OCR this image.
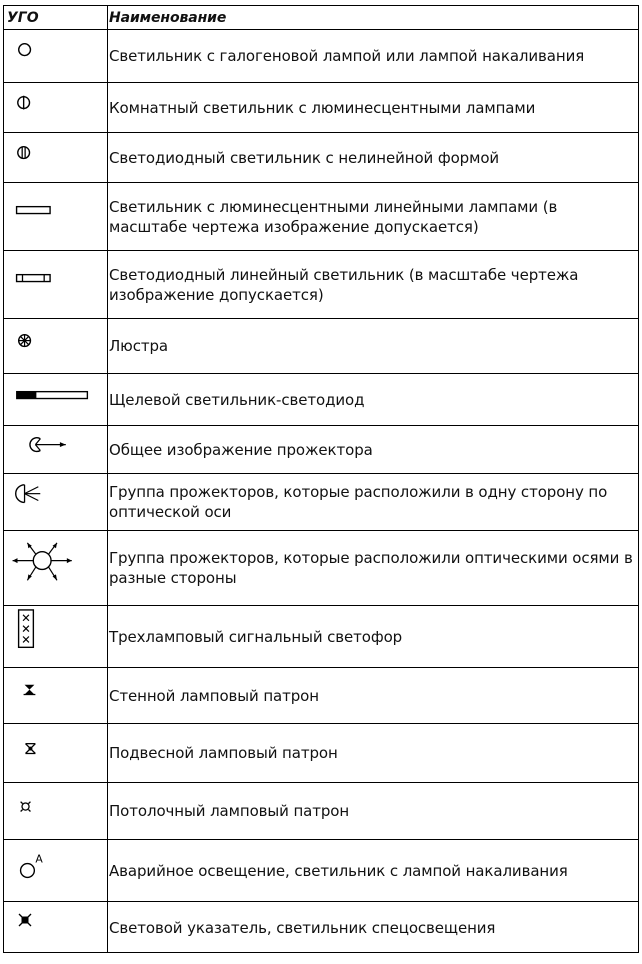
УГО	Наименование
Светильник с галогеновой лампой или лампой накаливания
Комнатный светильник с люминесцентными лампами
Светодиодный светильник с нелинейной формой
Светильник с люминесцентными линейными лампами (в масштабе чертежа изображение допускается)
Светодиодный линейный светильник (в масштабе чертежа изображение допускается)
Люстра
Щелевой светильник-светодиод
Общее изображение прожектора
Группа прожекторов, которые расположили в одну сторону по оптической оси
Группа прожекторов, которые расположили оптическими осями в разные стороны
Трехламповый сигнальный светофор
Стенной ламповый патрон
Подвесной ламповый патрон
Потолочный ламповый патрон
А
Аварийное освещение, светильник с лампой накаливания
Световой указатель, светильник спецосвещения
